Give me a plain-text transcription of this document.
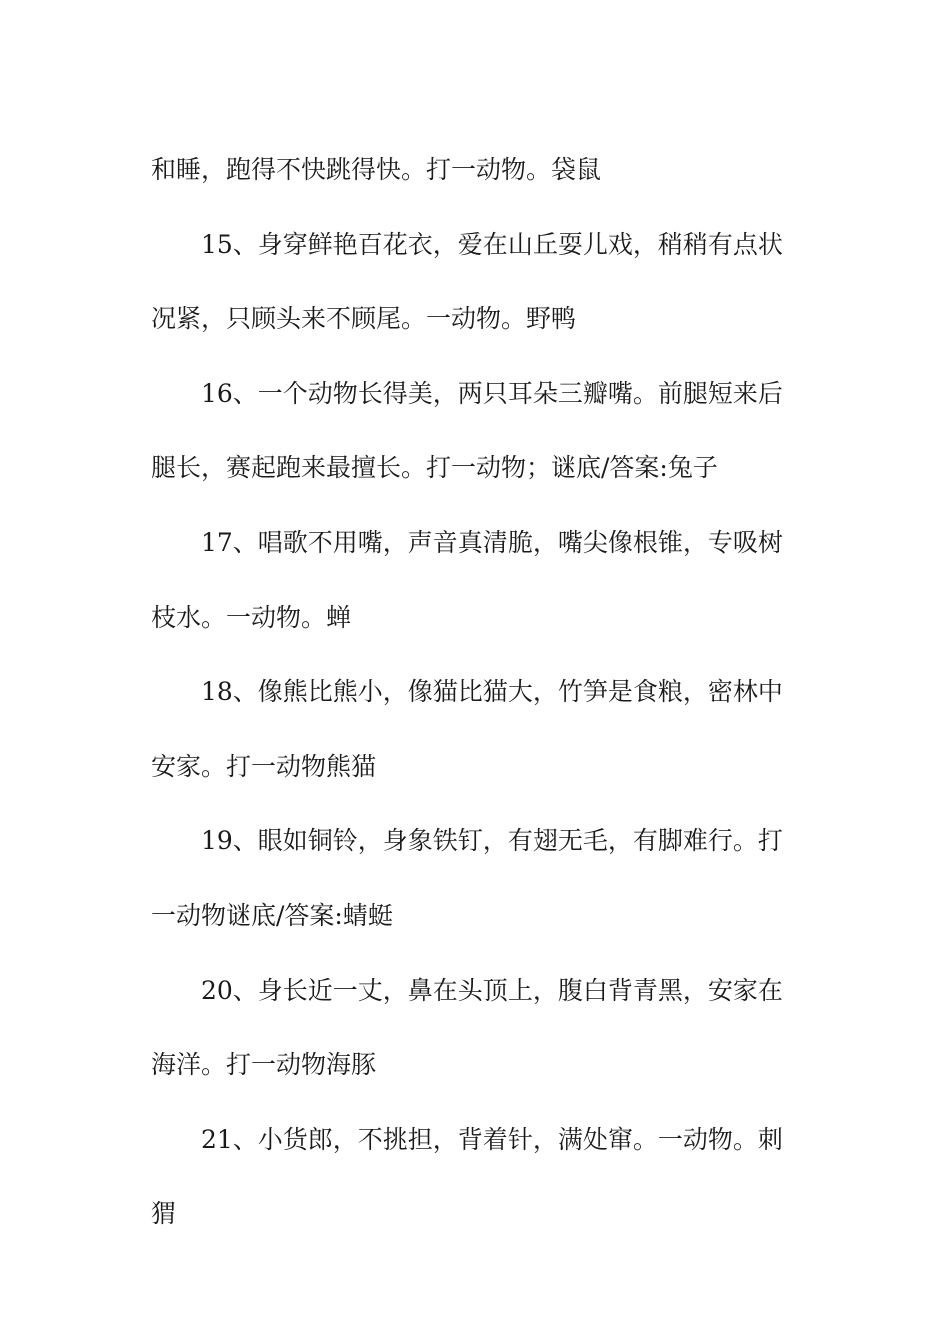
和睡，跑得不快跳得快。打一动物。袋鼠
15、身穿鲜艳百花衣，爱在山丘耍儿戏，稍稍有点状
况紧，只顾头来不顾尾。一动物。野鸭
16、一个动物长得美，两只耳朵三瓣嘴。前腿短来后
腿长，赛起跑来最擅长。打一动物；谜底/答案:兔子
17、唱歌不用嘴，声音真清脆，嘴尖像根锥，专吸树
枝水。一动物。蝉
18、像熊比熊小，像猫比猫大，竹笋是食粮，密林中
安家。打一动物熊猫
19、眼如铜铃，身象铁钉，有翅无毛，有脚难行。打
一动物谜底/答案:蜻蜓
20、身长近一丈，鼻在头顶上，腹白背青黑，安家在
海洋。打一动物海豚
21、小货郎，不挑担，背着针，满处窜。一动物。刺
猬
